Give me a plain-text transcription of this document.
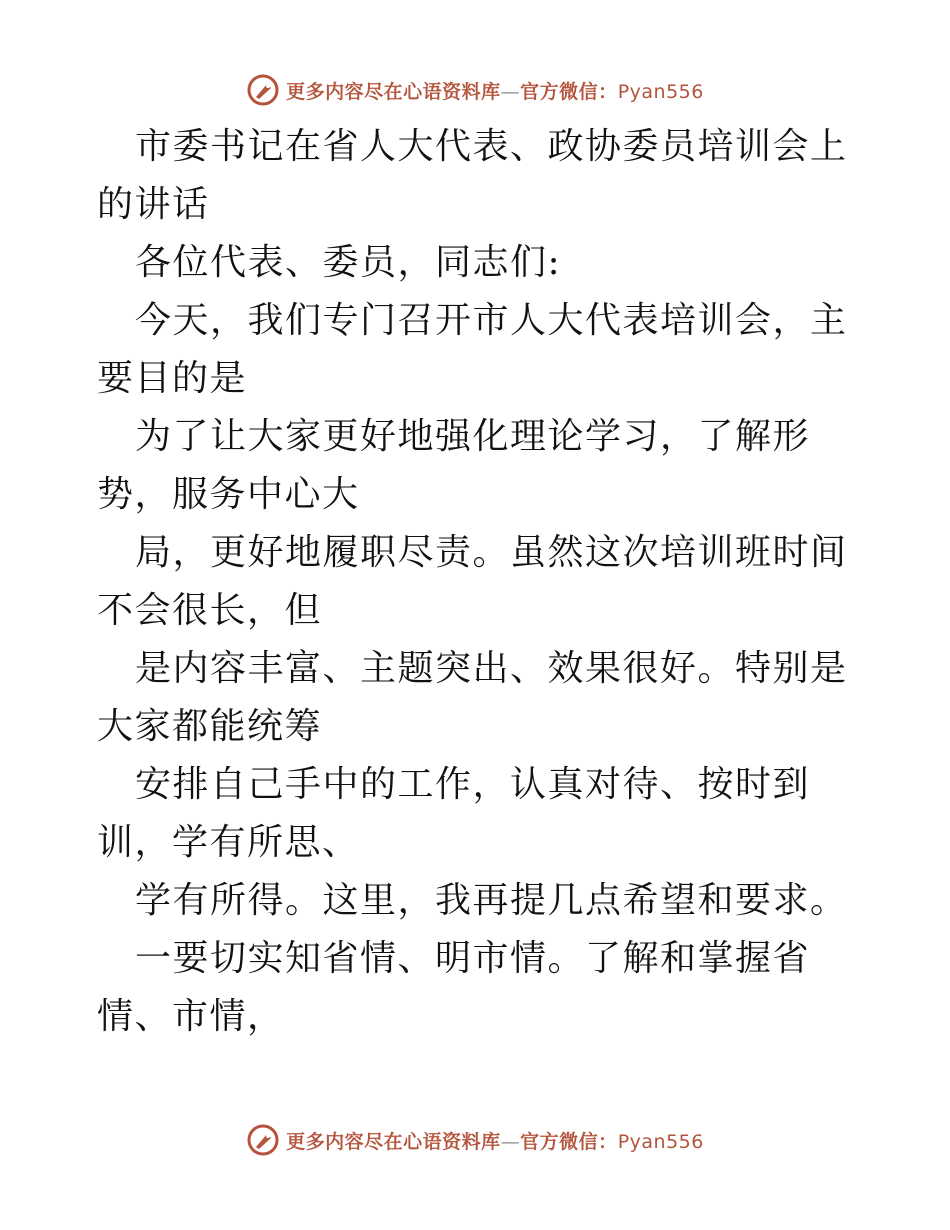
更多内容尽在心语资料库—官方微信：Pyan556

市委书记在省人大代表、政协委员培训会上的讲话

各位代表、委员，同志们:

今天，我们专门召开市人大代表培训会，主要目的是

为了让大家更好地强化理论学习，了解形势，服务中心大

局，更好地履职尽责。虽然这次培训班时间不会很长，但

是内容丰富、主题突出、效果很好。特别是大家都能统筹

安排自己手中的工作，认真对待、按时到训，学有所思、

学有所得。这里，我再提几点希望和要求。

一要切实知省情、明市情。了解和掌握省情、市情，

更多内容尽在心语资料库—官方微信：Pyan556
